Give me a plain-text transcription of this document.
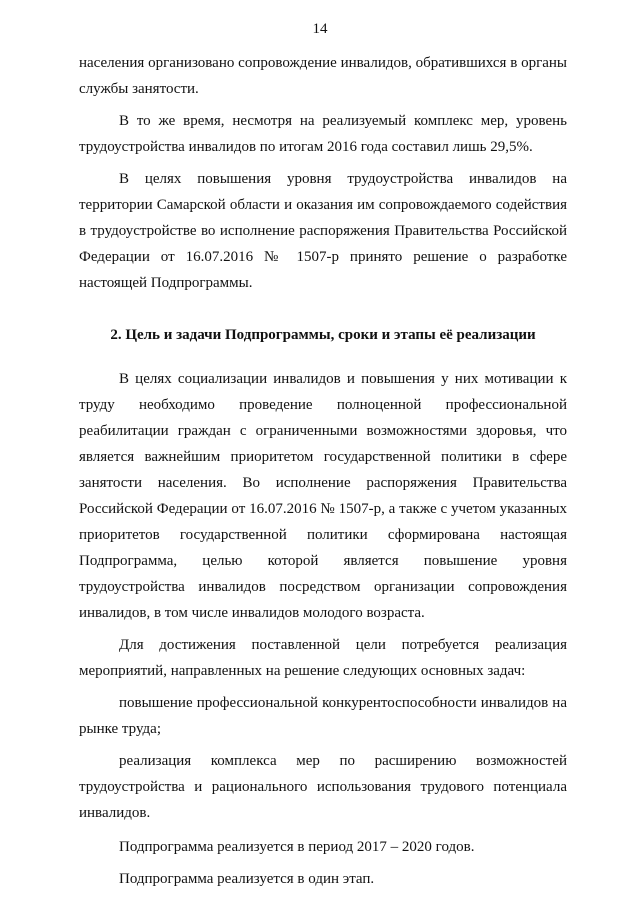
14

населения организовано сопровождение инвалидов, обратившихся в органы службы занятости.

В то же время, несмотря на реализуемый комплекс мер, уровень трудоустройства инвалидов по итогам 2016 года составил лишь 29,5%.

В целях повышения уровня трудоустройства инвалидов на территории Самарской области и оказания им сопровождаемого содействия в трудоустройстве во исполнение распоряжения Правительства Российской Федерации от 16.07.2016 № 1507-р принято решение о разработке настоящей Подпрограммы.

2. Цель и задачи Подпрограммы, сроки и этапы её реализации

В целях социализации инвалидов и повышения у них мотивации к труду необходимо проведение полноценной профессиональной реабилитации граждан с ограниченными возможностями здоровья, что является важнейшим приоритетом государственной политики в сфере занятости населения. Во исполнение распоряжения Правительства Российской Федерации от 16.07.2016 № 1507-р, а также с учетом указанных приоритетов государственной политики сформирована настоящая Подпрограмма, целью которой является повышение уровня трудоустройства инвалидов посредством организации сопровождения инвалидов, в том числе инвалидов молодого возраста.

Для достижения поставленной цели потребуется реализация мероприятий, направленных на решение следующих основных задач:

повышение профессиональной конкурентоспособности инвалидов на рынке труда;

реализация комплекса мер по расширению возможностей трудоустройства и рационального использования трудового потенциала инвалидов.

Подпрограмма реализуется в период 2017 – 2020 годов.

Подпрограмма реализуется в один этап.
